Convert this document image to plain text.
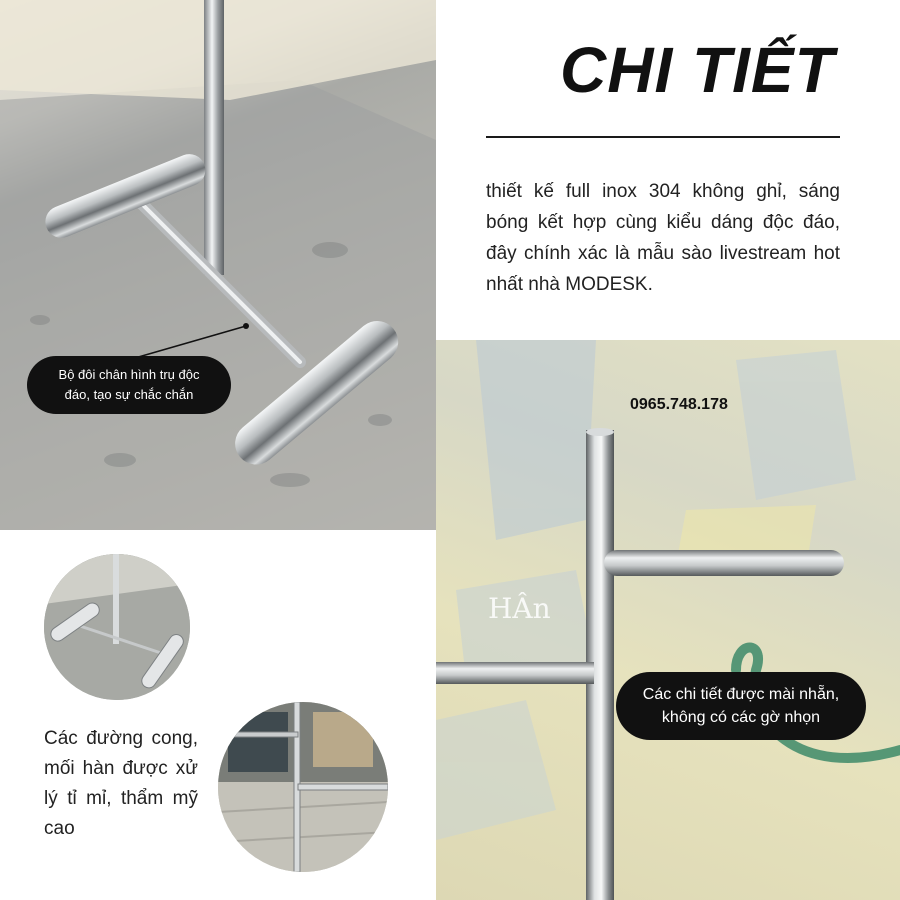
Bộ đôi chân hình trụ độc
đáo, tạo sự chắc chắn
CHI TIẾT

thiết kế full inox 304 không ghỉ, sáng bóng kết hợp cùng kiểu dáng độc đáo, đây chính xác là mẫu sào livestream hot nhất nhà MODESK.

HÂn
0965.748.178
Các chi tiết được mài nhẵn,
không có các gờ nhọn

Các đường cong, mối hàn được xử lý tỉ mỉ, thẩm mỹ cao
